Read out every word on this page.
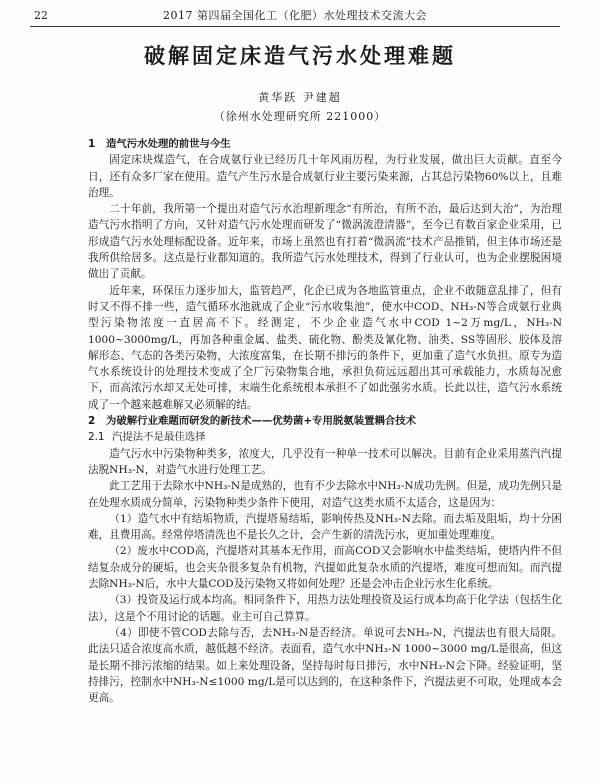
22	2017 第四届全国化工（化肥）水处理技术交流大会
破解固定床造气污水处理难题
黄华跃 尹建超
（徐州水处理研究所 221000）

1 造气污水处理的前世与今生

固定床块煤造气，在合成氨行业已经历几十年风雨历程，为行业发展，做出巨大贡献。直至今日，还有众多厂家在使用。造气产生污水是合成氨行业主要污染来源，占其总污染物60%以上，且难治理。

二十年前，我所第一个提出对造气污水治理新理念“有所治，有所不治，最后达到大治”，为治理造气污水指明了方向，又针对造气污水处理而研发了“微涡流澄清器”，至今已有数百家企业采用，已形成造气污水处理标配设备。近年来，市场上虽然也有打着“微涡流”技术产品推销，但主体市场还是我所供给居多。这点是行业都知道的。我所造气污水处理技术，得到了行业认可，也为企业摆脱困境做出了贡献。

近年来，环保压力逐步加大，监管趋严，化企已成为各地监管重点，企业不敢随意乱排了，但有时又不得不排一些，造气循环水池就成了企业“污水收集池”，使水中COD、NH₃-N等合成氨行业典型污染物浓度一直居高不下。经测定，不少企业造气水中COD 1~2万mg/L，NH₃-N 1000~3000mg/L，再加各种重金属、盐类、硫化物、酚类及氰化物、油类、SS等固形、胶体及溶解形态、气态的各类污染物，大浓度富集，在长期不排污的条件下，更加重了造气水负担。原专为造气水系统设计的处理技术变成了全厂污染物集合地，承担负荷远远超出其可承载能力，水质每况愈下，而高浓污水却又无处可排，末端生化系统根本承担不了如此强劣水质。长此以往，造气污水系统成了一个越来越难解又必须解的结。

2 为破解行业难题而研发的新技术——优势菌+专用脱氨装置耦合技术

2.1 汽提法不是最佳选择

造气污水中污染物种类多，浓度大，几乎没有一种单一技术可以解决。目前有企业采用蒸汽汽提法脱NH₃-N，对造气水进行处理工艺。

此工艺用于去除水中NH₃-N是成熟的，也有不少去除水中NH₃-N成功先例。但是，成功先例只是在处理水质成分简单，污染物种类少条件下使用，对造气这类水质不太适合，这是因为：

（1）造气水中有结垢物质，汽提塔易结垢，影响传热及NH₃-N去除。而去垢及阻垢，均十分困难，且费用高。经常停塔清洗也不是长久之计，会产生新的清洗污水，更加重处理难度。

（2）废水中COD高，汽提塔对其基本无作用，而高COD又会影响水中盐类结垢，使塔内件不但结复杂成分的硬垢，也会夹杂很多复杂有机物，汽提如此复杂水质的汽提塔，难度可想而知。而汽提去除NH₃-N后，水中大量COD及污染物又将如何处理？还是会冲击企业污水生化系统。

（3）投资及运行成本均高。相同条件下，用热力法处理投资及运行成本均高于化学法（包括生化法），这是个不用讨论的话题。业主可自己算算。

（4）即使不管COD去除与否，去NH₃-N是否经济。单说可去NH₃-N，汽提法也有很大局限。此法只适合浓度高水质，越低越不经济。表面看，造气水中NH₃-N 1000~3000 mg/L是很高，但这是长期不排污浓缩的结果。如上来处理设备，坚持每时每日排污，水中NH₃-N会下降。经验证明，坚持排污，控制水中NH₃-N≤1000 mg/L是可以达到的，在这种条件下，汽提法更不可取，处理成本会更高。
